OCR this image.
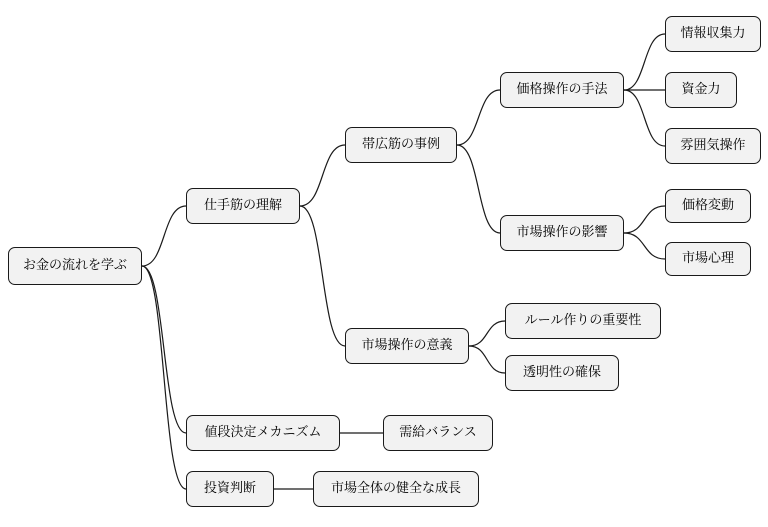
お金の流れを学ぶ
仕手筋の理解
値段決定メカニズム
投資判断
帯広筋の事例
市場操作の意義
需給バランス
市場全体の健全な成長
価格操作の手法
市場操作の影響
ルール作りの重要性
透明性の確保
情報収集力
資金力
雰囲気操作
価格変動
市場心理
